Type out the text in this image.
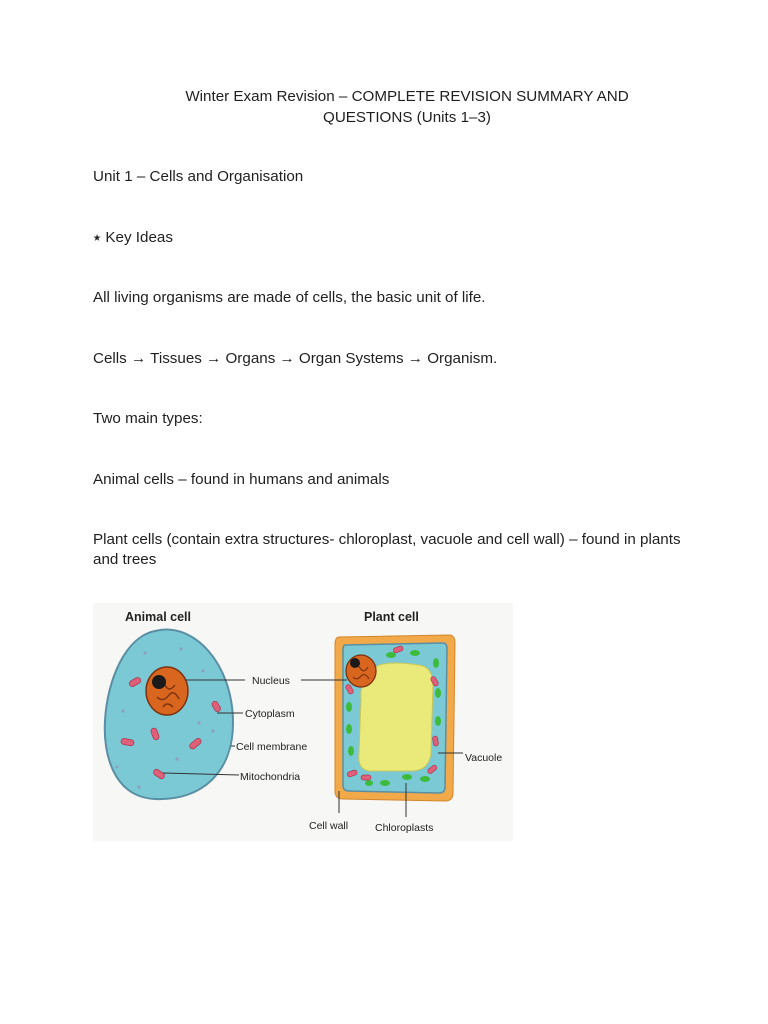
Winter Exam Revision – COMPLETE REVISION SUMMARY AND
QUESTIONS (Units 1–3)
Unit 1 – Cells and Organisation
⭑ Key Ideas
All living organisms are made of cells, the basic unit of life.
Cells → Tissues → Organs → Organ Systems → Organism.
Two main types:
Animal cells – found in humans and animals
Plant cells (contain extra structures- chloroplast, vacuole and cell wall) – found in plants and trees
Animal cell
Nucleus
Cytoplasm
Cell membrane
Mitochondria
Plant cell
Vacuole
Cell wall	Chloroplasts
